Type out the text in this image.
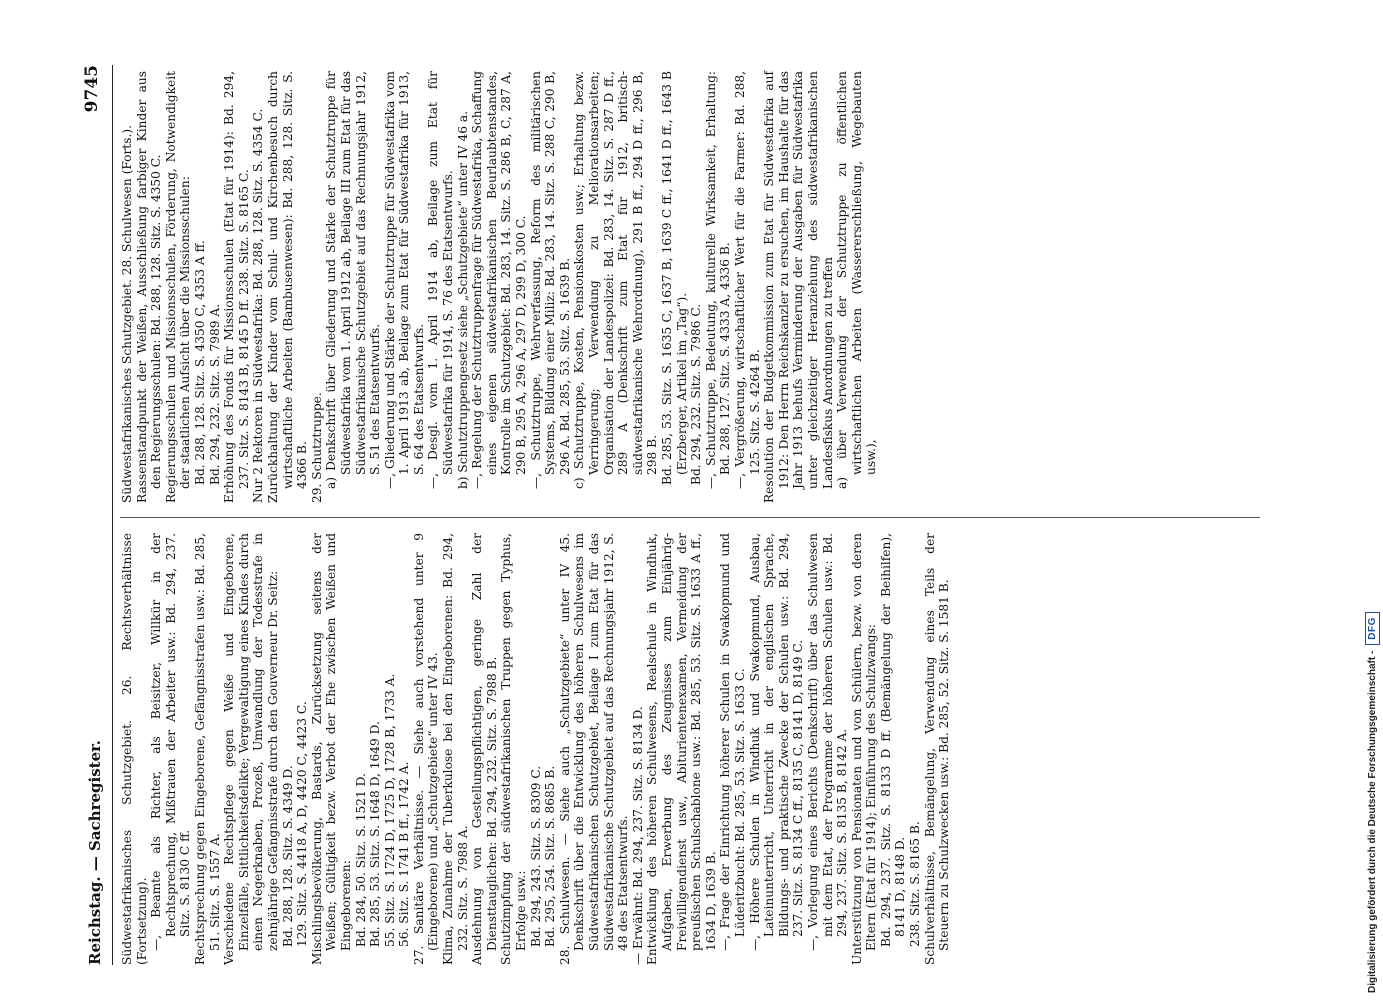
Reichstag. — Sachregister.
9745

Südwestafrikanisches Schutzgebiet. 26. Rechtsverhältnisse (Fortsetzung). —, Beamte als Richter, als Beisitzer, Willkür in der Rechtsprechung, Mißtrauen der Arbeiter usw.: Bd. 294, 237. Sitz. S. 8130 C ff. Rechtsprechung gegen Eingeborene, Gefängnisstrafen usw.: Bd. 285, 51. Sitz. S. 1557 A. Verschiedene Rechtspflege gegen Weiße und Eingeborene, Einzelfälle, Sittlichkeitsdelikte; Vergewaltigung eines Kindes durch einen Negerknaben, Prozeß, Umwandlung der Todesstrafe in zehnjährige Gefängnisstrafe durch den Gouverneur Dr. Seitz: Bd. 288, 128. Sitz. S. 4349 D. 129. Sitz. S. 4418 A, D, 4420 C, 4423 C. Mischlingsbevölkerung, Bastards, Zurücksetzung seitens der Weißen; Gültigkeit bezw. Verbot der Ehe zwischen Weißen und Eingeborenen: Bd. 284, 50. Sitz. S. 1521 D. Bd. 285, 53. Sitz. S. 1648 D, 1649 D. 55. Sitz. S. 1724 D, 1725 D, 1728 B, 1733 A. 56. Sitz. S. 1741 B ff., 1742 A. 27. Sanitäre Verhältnisse. — Siehe auch vorstehend unter 9 (Eingeborene) und „Schutzgebiete“ unter IV 43. Klima, Zunahme der Tuberkulose bei den Eingeborenen: Bd. 294, 232. Sitz. S. 7988 A. Ausdehnung von Gestellungspflichtigen, geringe Zahl der Diensttauglichen: Bd. 294, 232. Sitz. S. 7988 B. Schutzimpfung der südwestafrikanischen Truppen gegen Typhus, Erfolge usw.: Bd. 294, 243. Sitz. S. 8309 C. Bd. 295, 254. Sitz. S. 8685 B. 28. Schulwesen. — Siehe auch „Schutzgebiete“ unter IV 45. Denkschrift über die Entwicklung des höheren Schulwesens im Südwestafrikanischen Schutzgebiet, Beilage I zum Etat für das Südwestafrikanische Schutzgebiet auf das Rechnungsjahr 1912, S. 48 des Etatsentwurfs. — Erwähnt: Bd. 294, 237. Sitz. S. 8134 D. Entwicklung des höheren Schulwesens, Realschule in Windhuk, Aufgaben, Erwerbung des Zeugnisses zum Einjährig-Freiwilligendienst usw., Abiturientenexamen, Vermeidung der preußischen Schulschablone usw.: Bd. 285, 53. Sitz. S. 1633 A ff., 1634 D, 1639 B. —, Frage der Einrichtung höherer Schulen in Swakopmund und Lüderitzbucht: Bd. 285, 53. Sitz. S. 1633 C. —, Höhere Schulen in Windhuk und Swakopmund, Ausbau, Lateinunterricht, Unterricht in der englischen Sprache, Bildungs- und praktische Zwecke der Schulen usw.: Bd. 294, 237. Sitz. S. 8134 C ff., 8135 C, 8141 D, 8149 C. —, Vorlegung eines Berichts (Denkschrift) über das Schulwesen mit dem Etat, der Programme der höheren Schulen usw.: Bd. 294, 237. Sitz. S. 8135 B, 8142 A. Unterstützung von Pensionaten und von Schülern, bezw. von deren Eltern (Etat für 1914); Einführung des Schulzwangs: Bd. 294, 237. Sitz. S. 8133 D ff. (Bemängelung der Beihilfen), 8141 D, 8148 D. 238. Sitz. S. 8165 B. Schulverhältnisse, Bemängelung, Verwendung eines Teils der Steuern zu Schulzwecken usw.: Bd. 285, 52. Sitz. S. 1581 B.

Südwestafrikanisches Schutzgebiet. 28. Schulwesen (Forts.). Rassenstandpunkt der Weißen, Ausschließung farbiger Kinder aus den Regierungsschulen: Bd. 288, 128. Sitz. S. 4350 C. Regierungsschulen und Missionsschulen, Förderung, Notwendigkeit der staatlichen Aufsicht über die Missionsschulen: Bd. 288, 128. Sitz. S. 4350 C, 4353 A ff. Bd. 294, 232. Sitz. S. 7989 A. Erhöhung des Fonds für Missionsschulen (Etat für 1914): Bd. 294, 237. Sitz. S. 8143 B, 8145 D ff. 238. Sitz. S. 8165 C. Nur 2 Rektoren in Südwestafrika: Bd. 288, 128. Sitz. S. 4354 C. Zurückhaltung der Kinder vom Schul- und Kirchenbesuch durch wirtschaftliche Arbeiten (Bambusenwesen): Bd. 288, 128. Sitz. S. 4366 B. 29. Schutztruppe. a) Denkschrift über Gliederung und Stärke der Schutztruppe für Südwestafrika vom 1. April 1912 ab, Beilage III zum Etat für das Südwestafrikanische Schutzgebiet auf das Rechnungsjahr 1912, S. 51 des Etatsentwurfs. —, Gliederung und Stärke der Schutztruppe für Südwestafrika vom 1. April 1913 ab, Beilage zum Etat für Südwestafrika für 1913, S. 64 des Etatsentwurfs. —, Desgl. vom 1. April 1914 ab, Beilage zum Etat für Südwestafrika für 1914, S. 76 des Etatsentwurfs. b) Schutztruppengesetz siehe „Schutzgebiete“ unter IV 46 a. —, Regelung der Schutztruppenfrage für Südwestafrika, Schaffung eines eigenen südwestafrikanischen Beurlaubtenstandes, Kontrolle im Schutzgebiet: Bd. 283, 14. Sitz. S. 286 B, C, 287 A, 290 B, 295 A, 296 A, 297 D, 299 D, 300 C. —, Schutztruppe, Wehrverfassung, Reform des militärischen Systems, Bildung einer Miliz: Bd. 283, 14. Sitz. S. 288 C, 290 B, 296 A. Bd. 285, 53. Sitz. S. 1639 B. c) Schutztruppe, Kosten, Pensionskosten usw.; Erhaltung bezw. Verringerung; Verwendung zu Meliorationsarbeiten; Organisation der Landespolizei: Bd. 283, 14. Sitz. S. 287 D ff., 289 A (Denkschrift zum Etat für 1912, britisch-südwestafrikanische Wehrordnung), 291 B ff., 294 D ff., 296 B, 298 B. Bd. 285, 53. Sitz. S. 1635 C, 1637 B, 1639 C ff., 1641 D ff., 1643 B (Erzberger, Artikel im „Tag“). Bd. 294, 232. Sitz. S. 7986 C. —, Schutztruppe, Bedeutung, kulturelle Wirksamkeit, Erhaltung: Bd. 288, 127. Sitz. S. 4333 A, 4336 B. —, Vergrößerung, wirtschaftlicher Wert für die Farmer: Bd. 288, 125. Sitz. S. 4264 B. Resolution der Budgetkommission zum Etat für Südwestafrika auf 1912: Den Herrn Reichskanzler zu ersuchen, im Haushalte für das Jahr 1913 behufs Verminderung der Ausgaben für Südwestafrika unter gleichzeitiger Heranziehung des südwestafrikanischen Landesfiskus Anordnungen zu treffen a) über Verwendung der Schutztruppe zu öffentlichen wirtschaftlichen Arbeiten (Wassererschließung, Wegebauten usw.),

Digitalisierung gefördert durch die Deutsche Forschungsgemeinschaft -
DFG
